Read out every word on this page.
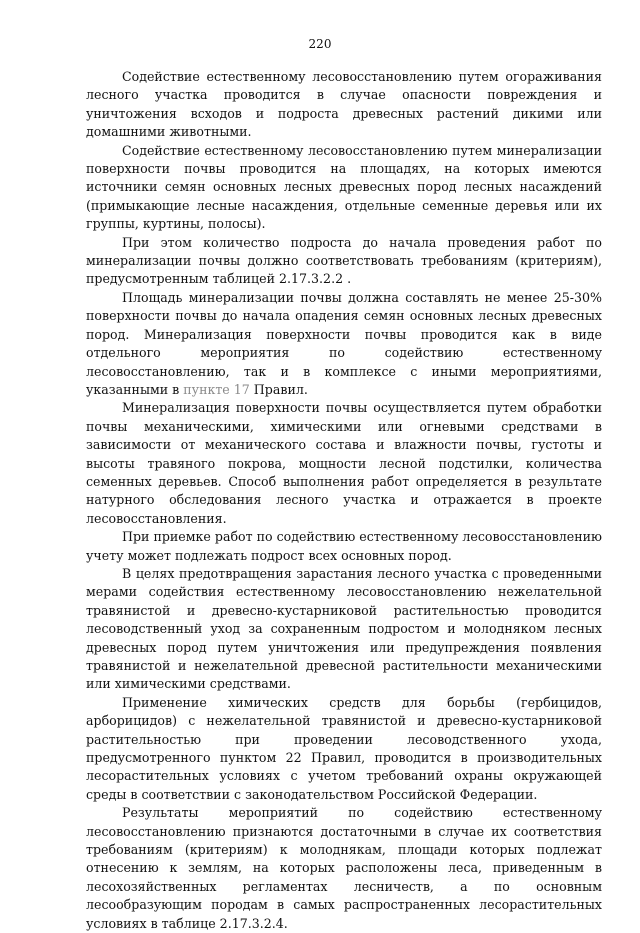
220

Содействие естественному лесовосстановлению путем огораживания лесного участка проводится в случае опасности повреждения и уничтожения всходов и подроста древесных растений дикими или домашними животными.

Содействие естественному лесовосстановлению путем минерализации поверхности почвы проводится на площадях, на которых имеются источники семян основных лесных древесных пород лесных насаждений (примыкающие лесные насаждения, отдельные семенные деревья или их группы, куртины, полосы).

При этом количество подроста до начала проведения работ по минерализации почвы должно соответствовать требованиям (критериям), предусмотренным таблицей 2.17.3.2.2 .

Площадь минерализации почвы должна составлять не менее 25-30% поверхности почвы до начала опадения семян основных лесных древесных пород. Минерализация поверхности почвы проводится как в виде отдельного мероприятия по содействию естественному лесовосстановлению, так и в комплексе с иными мероприятиями, указанными в пункте 17 Правил.

Минерализация поверхности почвы осуществляется путем обработки почвы механическими, химическими или огневыми средствами в зависимости от механического состава и влажности почвы, густоты и высоты травяного покрова, мощности лесной подстилки, количества семенных деревьев. Способ выполнения работ определяется в результате натурного обследования лесного участка и отражается в проекте лесовосстановления.

При приемке работ по содействию естественному лесовосстановлению учету может подлежать подрост всех основных пород.

В целях предотвращения зарастания лесного участка с проведенными мерами содействия естественному лесовосстановлению нежелательной травянистой и древесно-кустарниковой растительностью проводится лесоводственный уход за сохраненным подростом и молодняком лесных древесных пород путем уничтожения или предупреждения появления травянистой и нежелательной древесной растительности механическими или химическими средствами.

Применение химических средств для борьбы (гербицидов, арборицидов) с нежелательной травянистой и древесно-кустарниковой растительностью при проведении лесоводственного ухода, предусмотренного пунктом 22 Правил, проводится в производительных лесорастительных условиях с учетом требований охраны окружающей среды в соответствии с законодательством Российской Федерации.

Результаты мероприятий по содействию естественному лесовосстановлению признаются достаточными в случае их соответствия требованиям (критериям) к молоднякам, площади которых подлежат отнесению к землям, на которых расположены леса, приведенным в лесохозяйственных регламентах лесничеств, а по основным лесообразующим породам в самых распространенных лесорастительных условиях в таблице 2.17.3.2.4.
